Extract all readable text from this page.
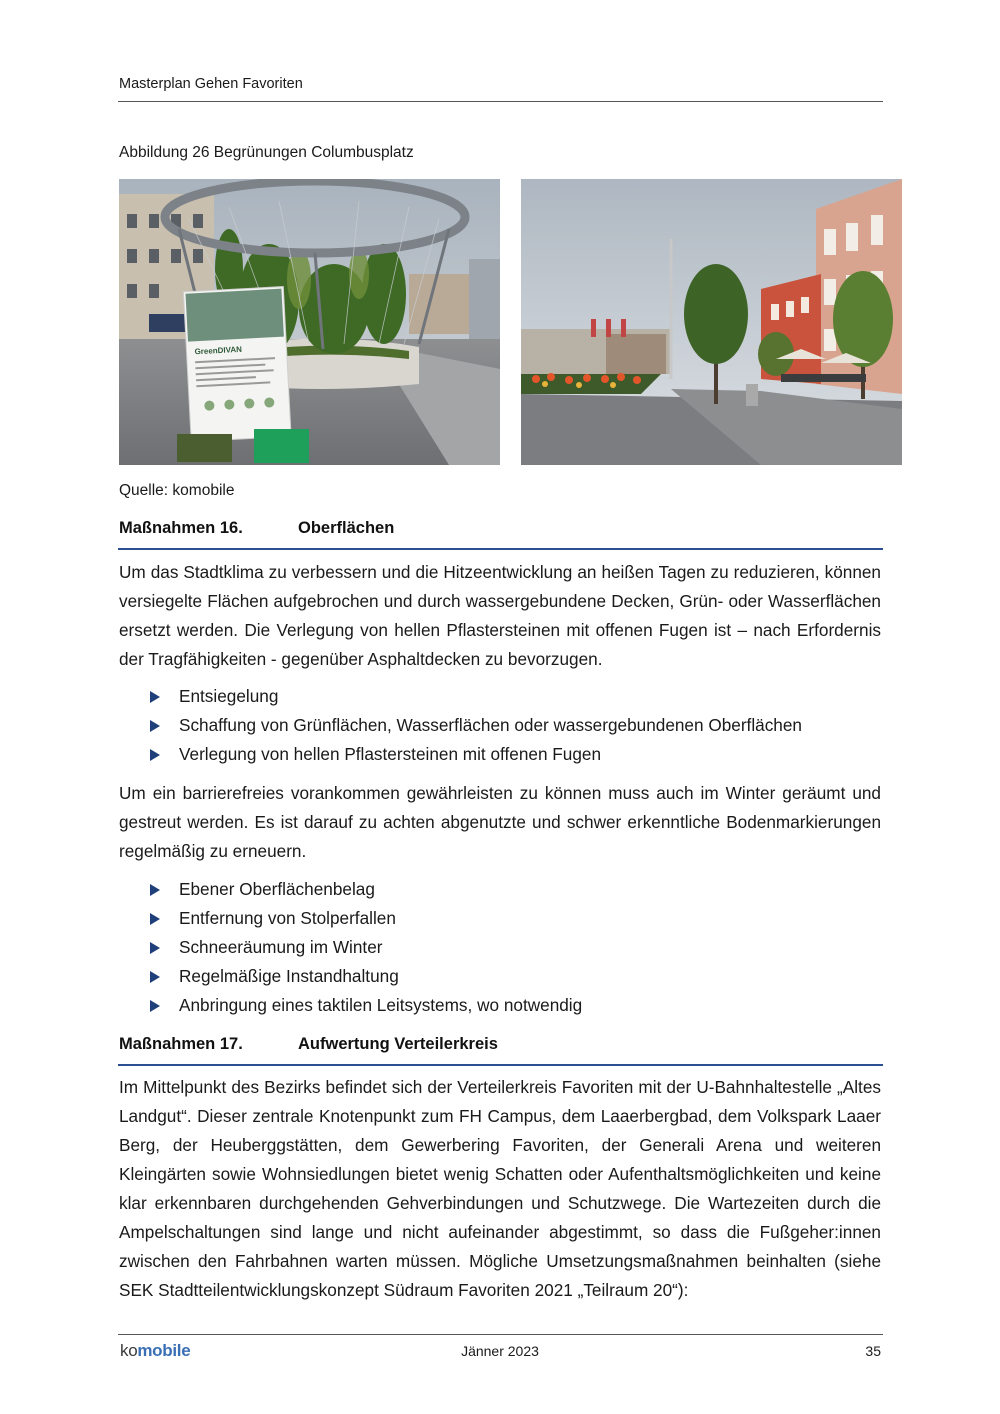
Masterplan Gehen Favoriten
Abbildung 26 Begrünungen Columbusplatz
GreenDIVAN
Quelle: komobile
Maßnahmen 16.	Oberflächen
Um das Stadtklima zu verbessern und die Hitzeentwicklung an heißen Tagen zu reduzieren, können versiegelte Flächen aufgebrochen und durch wassergebundene Decken, Grün- oder Wasserflächen ersetzt werden. Die Verlegung von hellen Pflastersteinen mit offenen Fugen ist – nach Erfordernis der Tragfähigkeiten - gegenüber Asphaltdecken zu bevorzugen.
Entsiegelung
Schaffung von Grünflächen, Wasserflächen oder wassergebundenen Oberflächen
Verlegung von hellen Pflastersteinen mit offenen Fugen
Um ein barrierefreies vorankommen gewährleisten zu können muss auch im Winter geräumt und gestreut werden. Es ist darauf zu achten abgenutzte und schwer erkenntliche Bodenmarkierungen regelmäßig zu erneuern.
Ebener Oberflächenbelag
Entfernung von Stolperfallen
Schneeräumung im Winter
Regelmäßige Instandhaltung
Anbringung eines taktilen Leitsystems, wo notwendig
Maßnahmen 17.	Aufwertung Verteilerkreis
Im Mittelpunkt des Bezirks befindet sich der Verteilerkreis Favoriten mit der U-Bahnhaltestelle „Altes Landgut“. Dieser zentrale Knotenpunkt zum FH Campus, dem Laaerbergbad, dem Volkspark Laaer Berg, der Heuberggstätten, dem Gewerbering Favoriten, der Generali Arena und weiteren Kleingärten sowie Wohnsiedlungen bietet wenig Schatten oder Aufenthaltsmöglichkeiten und keine klar erkennbaren durchgehenden Gehverbindungen und Schutzwege. Die Wartezeiten durch die Ampelschaltungen sind lange und nicht aufeinander abgestimmt, so dass die Fußgeher:innen zwischen den Fahrbahnen warten müssen. Mögliche Umsetzungsmaßnahmen beinhalten (siehe SEK Stadtteilentwicklungskonzept Südraum Favoriten 2021 „Teilraum 20“):
komobile	Jänner 2023	35
